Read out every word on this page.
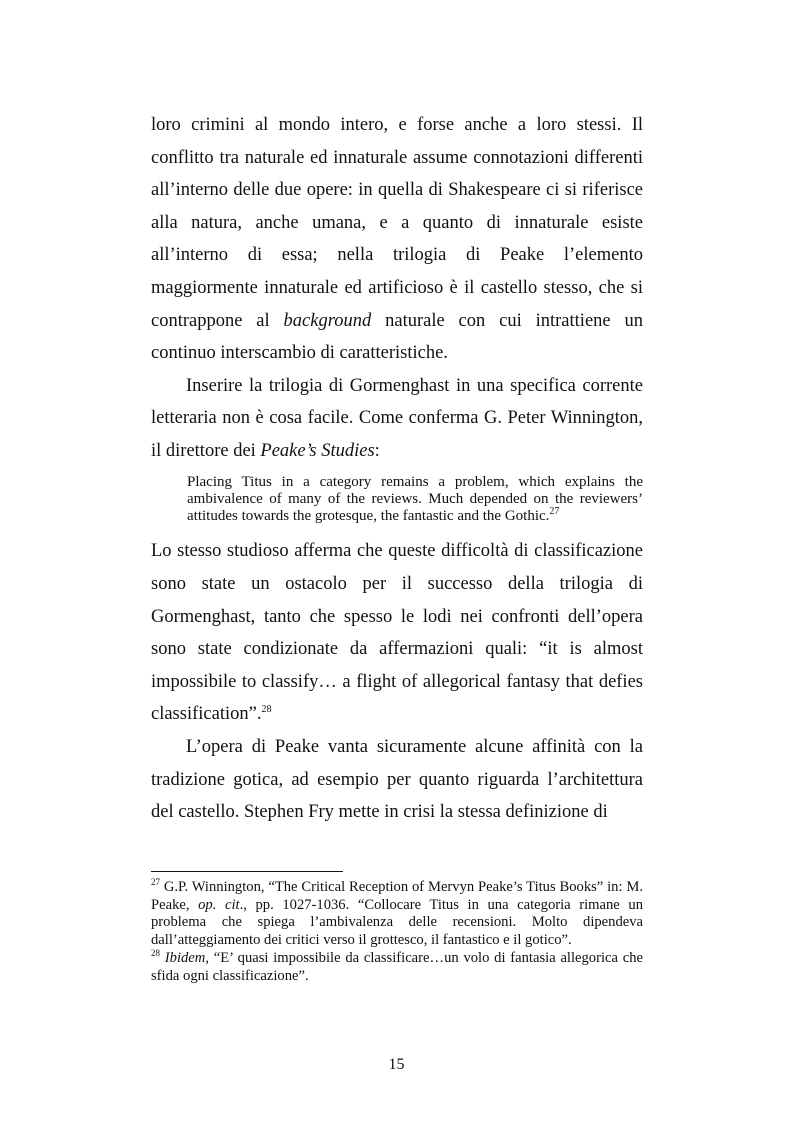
loro crimini al mondo intero, e forse anche a loro stessi. Il conflitto tra naturale ed innaturale assume connotazioni differenti all’interno delle due opere: in quella di Shakespeare ci si riferisce alla natura, anche umana, e a quanto di innaturale esiste all’interno di essa; nella trilogia di Peake l’elemento maggiormente innaturale ed artificioso è il castello stesso, che si contrappone al background naturale con cui intrattiene un continuo interscambio di caratteristiche.

Inserire la trilogia di Gormenghast in una specifica corrente letteraria non è cosa facile. Come conferma G. Peter Winnington, il direttore dei Peake’s Studies:

Placing Titus in a category remains a problem, which explains the ambivalence of many of the reviews. Much depended on the reviewers’ attitudes towards the grotesque, the fantastic and the Gothic.$^{27}$

Lo stesso studioso afferma che queste difficoltà di classificazione sono state un ostacolo per il successo della trilogia di Gormenghast, tanto che spesso le lodi nei confronti dell’opera sono state condizionate da affermazioni quali: “it is almost impossibile to classify… a flight of allegorical fantasy that defies classification”.$^{28}$

L’opera di Peake vanta sicuramente alcune affinità con la tradizione gotica, ad esempio per quanto riguarda l’architettura del castello. Stephen Fry mette in crisi la stessa definizione di

$^{27}$ G.P. Winnington, “The Critical Reception of Mervyn Peake’s Titus Books” in: M. Peake, op. cit., pp. 1027-1036. “Collocare Titus in una categoria rimane un problema che spiega l’ambivalenza delle recensioni. Molto dipendeva dall’atteggiamento dei critici verso il grottesco, il fantastico e il gotico”.

$^{28}$ Ibidem, “E’ quasi impossibile da classificare…un volo di fantasia allegorica che sfida ogni classificazione”.

15
